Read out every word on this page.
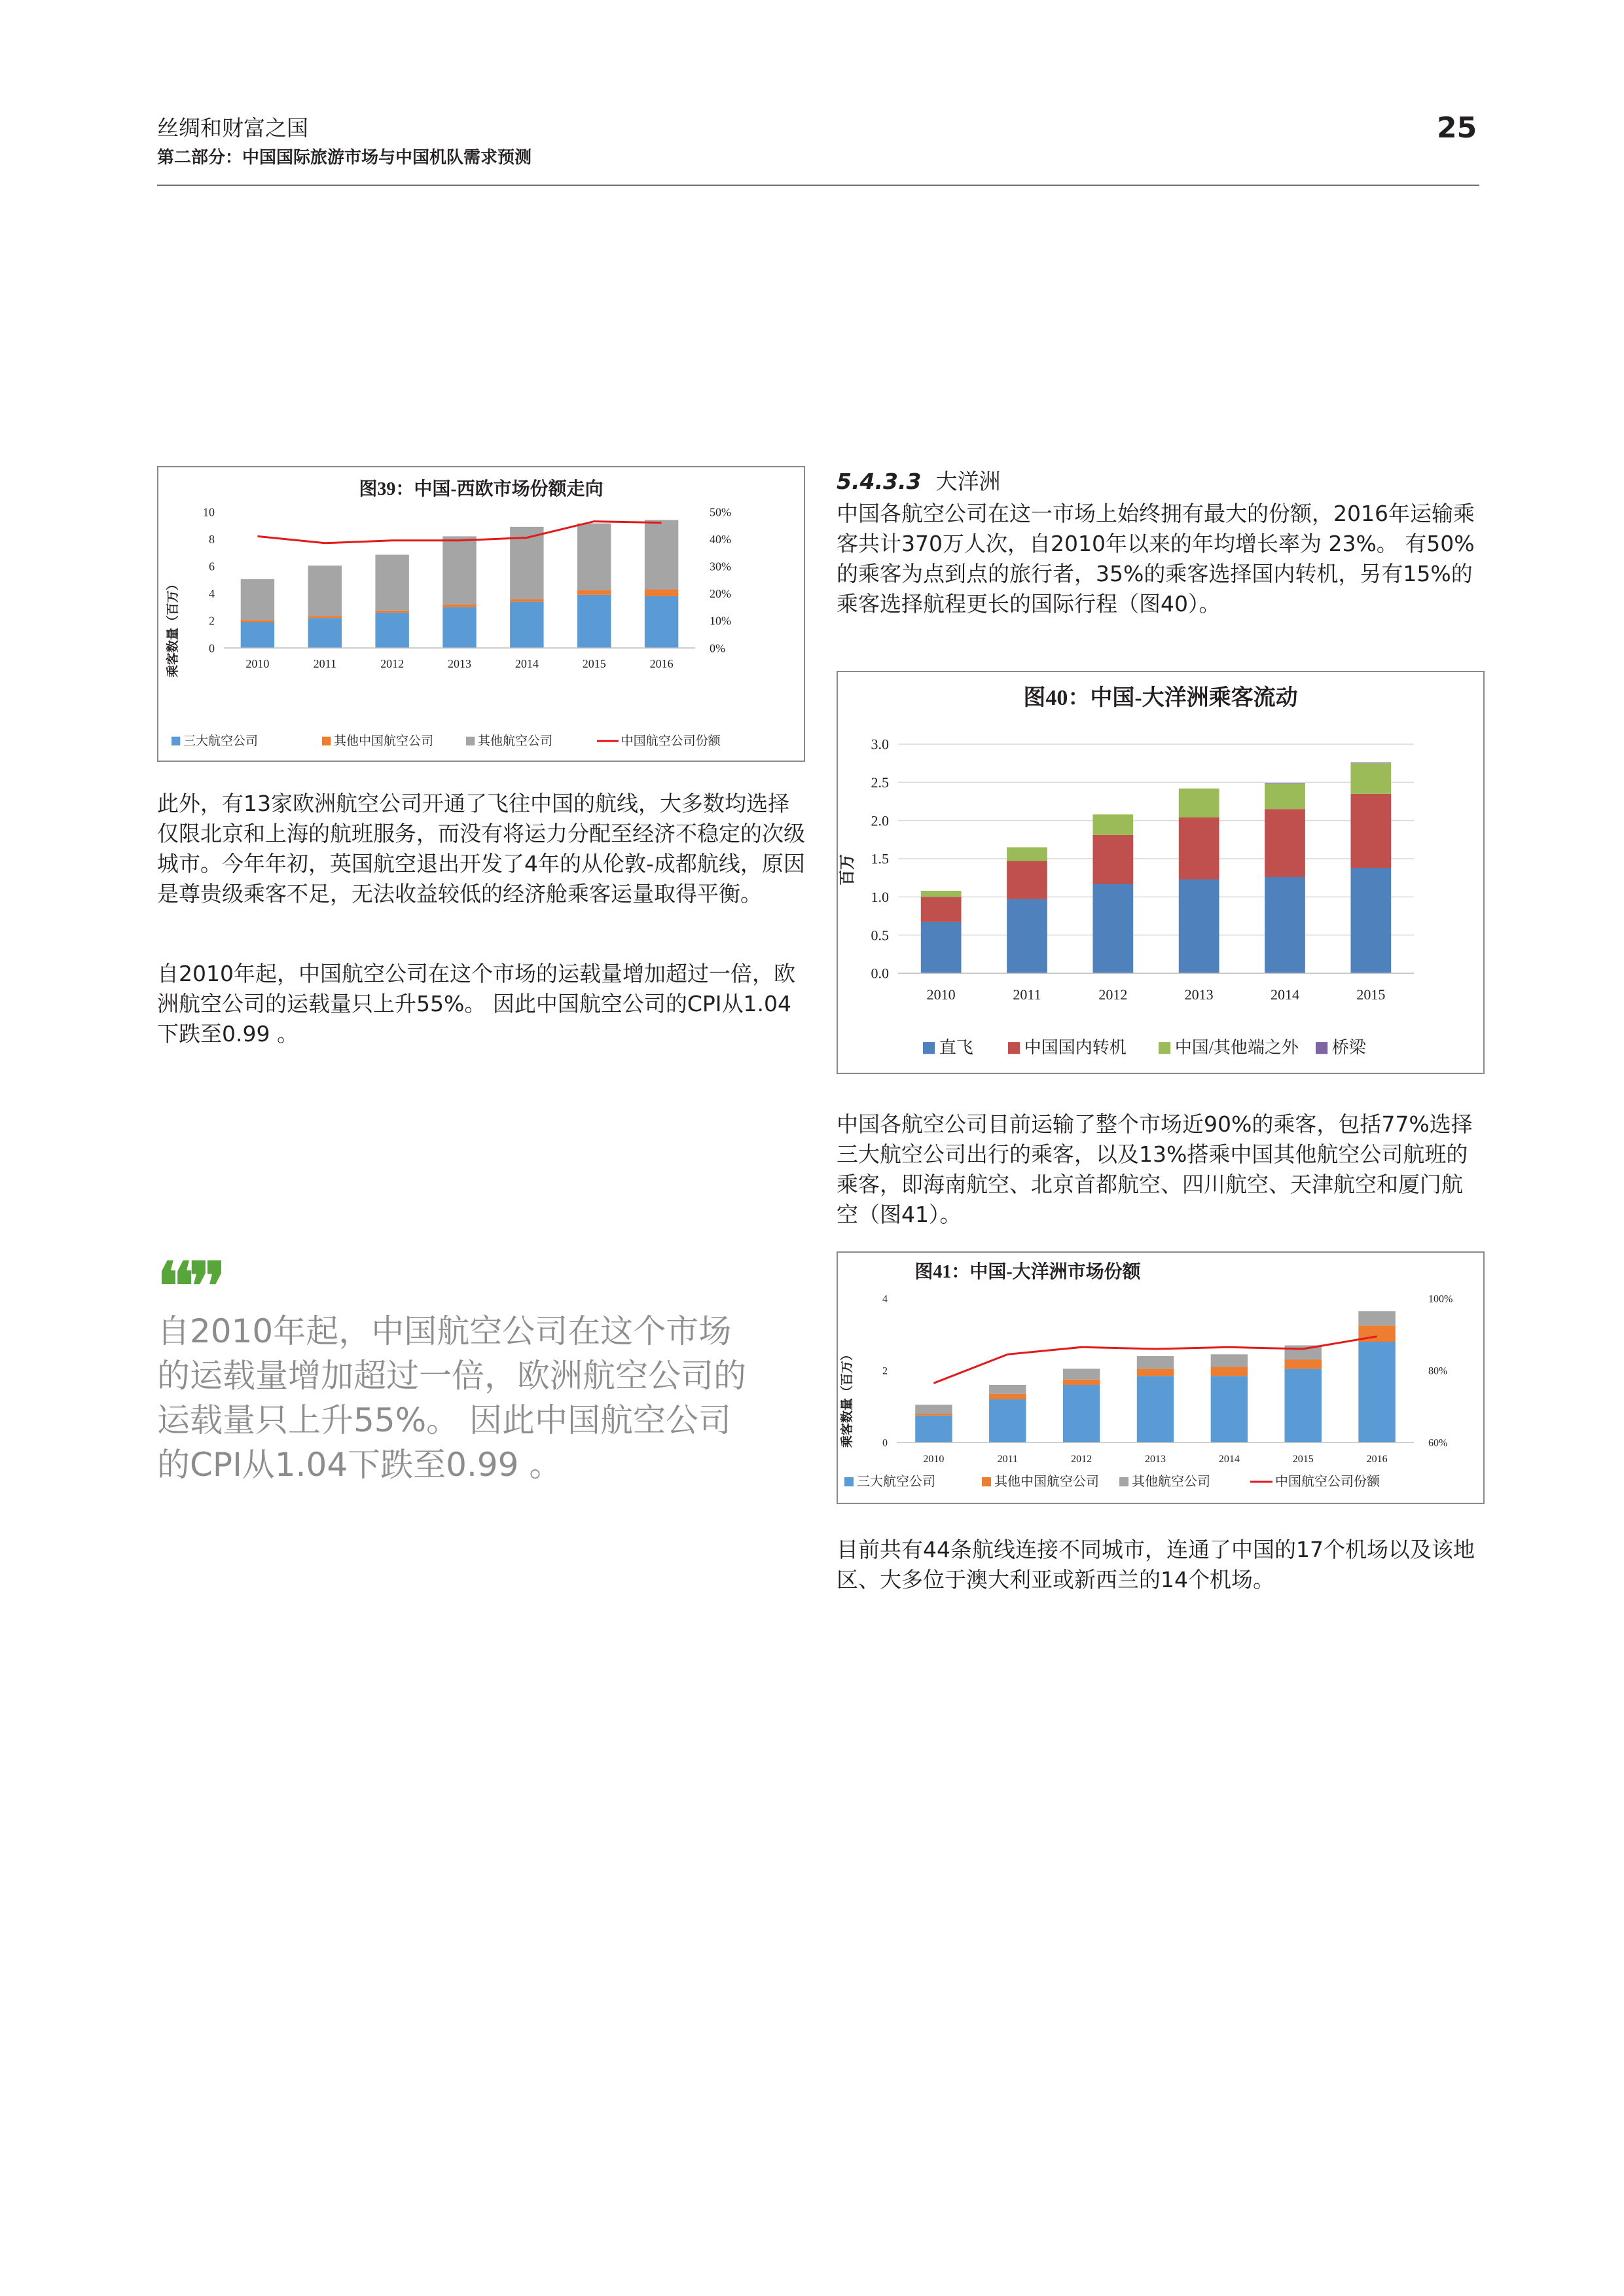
丝绸和财富之国
第二部分：中国国际旅游市场与中国机队需求预测
25
图39：中国-西欧市场份额走向
乘客数量（百万） 0
2
4
6
8
10
0%
10%
20%
30%
40%
50%
2010	2011	2012	2013	2014	2015	2016
三大航空公司	其他中国航空公司	其他航空公司	中国航空公司份额

此外，有13家欧洲航空公司开通了飞往中国的航线，大多数均选择仅限北京和上海的航班服务，而没有将运力分配至经济不稳定的次级城市。今年年初，英国航空退出开发了4年的从伦敦-成都航线，原因是尊贵级乘客不足，无法收益较低的经济舱乘客运量取得平衡。

自2010年起，中国航空公司在这个市场的运载量增加超过一倍，欧洲航空公司的运载量只上升55%。 因此中国航空公司的CPI从1.04下跌至0.99 。

❛❛❜❜

自2010年起，中国航空公司在这个市场的运载量增加超过一倍，欧洲航空公司的运载量只上升55%。 因此中国航空公司的CPI从1.04下跌至0.99 。

5.4.3.3 大洋洲

中国各航空公司在这一市场上始终拥有最大的份额，2016年运输乘客共计370万人次，自2010年以来的年均增长率为 23%。 有50%的乘客为点到点的旅行者，35%的乘客选择国内转机，另有15%的乘客选择航程更长的国际行程（图40）。

图40：中国-大洋洲乘客流动
百万
0.0
0.5
1.0
1.5
2.0
2.5
3.0
2010	2011	2012	2013	2014	2015
直飞	中国国内转机	中国/其他端之外 桥梁

中国各航空公司目前运输了整个市场近90%的乘客，包括77%选择三大航空公司出行的乘客，以及13%搭乘中国其他航空公司航班的乘客，即海南航空、北京首都航空、四川航空、天津航空和厦门航空（图41）。

图41：中国-大洋洲市场份额
乘客数量（百万）	0
2
4
60%
80%
100%
2010	2011	2012	2013	2014	2015	2016
三大航空公司	其他中国航空公司	其他航空公司	中国航空公司份额

目前共有44条航线连接不同城市，连通了中国的17个机场以及该地区、大多位于澳大利亚或新西兰的14个机场。
